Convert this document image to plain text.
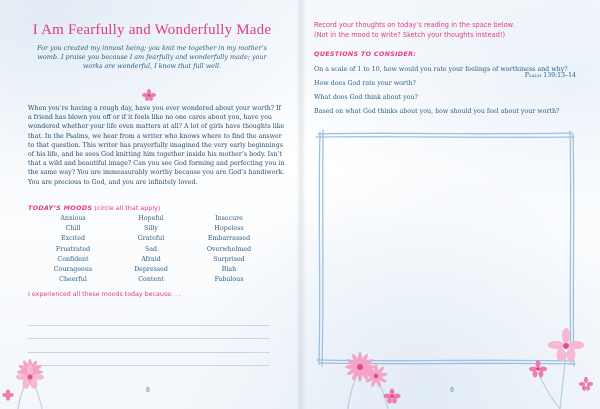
I Am Fearfully and Wonderfully Made
For you created my inmost being; you knit me together in my mother’s womb. I praise you because I am fearfully and wonderfully made; your works are wonderful, I know that full well.
Psalm 139:13–14
When you’re having a rough day, have you ever wondered about your worth? If a friend has blown you off or if it feels like no one cares about you, have you wondered whether your life even matters at all? A lot of girls have thoughts like that. In the Psalms, we hear from a writer who knows where to find the answer to that question. This writer has prayerfully imagined the very early beginnings of his life, and he sees God knitting him together inside his mother’s body. Isn’t that a wild and beautiful image? Can you see God forming and perfecting you in the same way? You are immeasurably worthy because you are God’s handiwork. You are precious to God, and you are infinitely loved.
TODAY’S MOODS (circle all that apply)
Anxious
Chill
Excited
Frustrated
Confident
Courageous
Cheerful
Hopeful
Silly
Grateful
Sad
Afraid
Depressed
Content
Insecure
Hopeless
Embarrassed
Overwhelmed
Surprised
Blah
Fabulous
I experienced all these moods today because. . .
8
Record your thoughts on today’s reading in the space below.
(Not in the mood to write? Sketch your thoughts instead!)
QUESTIONS TO CONSIDER:
On a scale of 1 to 10, how would you rate your feelings of worthiness and why?
How does God rate your worth?
What does God think about you?
Based on what God thinks about you, how should you feel about your worth?
9
